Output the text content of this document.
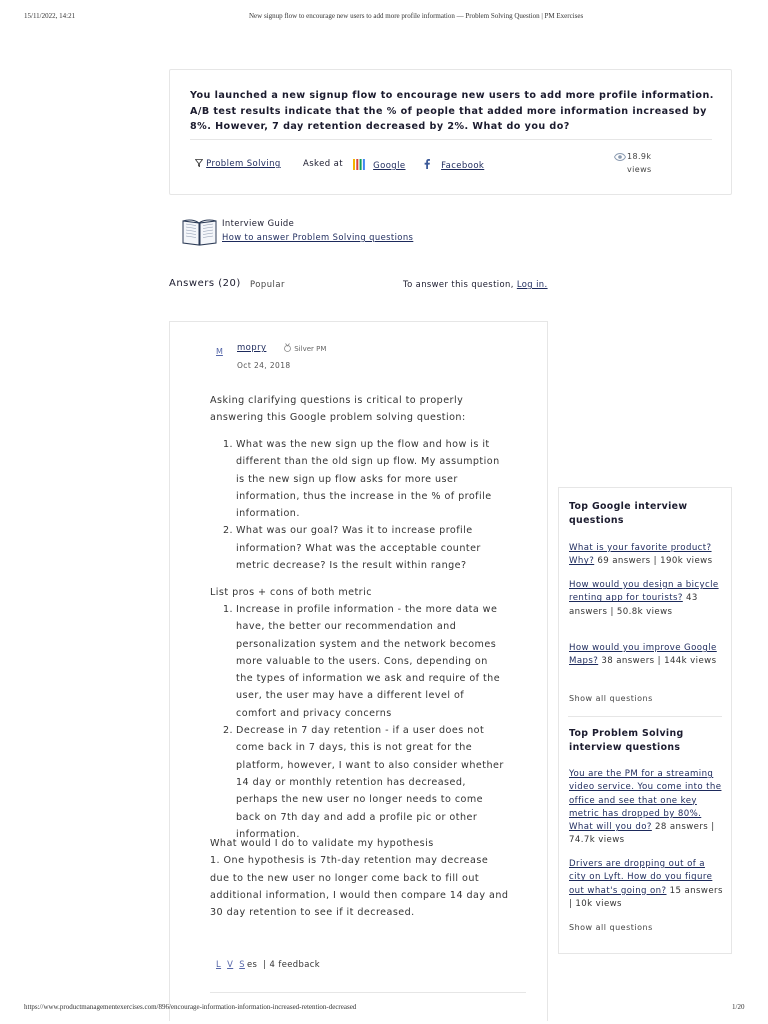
15/11/2022, 14:21	New signup flow to encourage new users to add more profile information — Problem Solving Question | PM Exercises
You launched a new signup flow to encourage new users to add more profile information. A/B test results indicate that the % of people that added more information increased by 8%. However, 7 day retention decreased by 2%. What do you do?
Problem Solving	Asked at	Google	Facebook
18.9k
views
Interview Guide
How to answer Problem Solving questions
Answers (20) Popular	To answer this question, Log in.
M mopry	Silver PM
Oct 24, 2018
Asking clarifying questions is critical to properly answering this Google problem solving question:
1. What was the new sign up the flow and how is it different than the old sign up flow. My assumption is the new sign up flow asks for more user information, thus the increase in the % of profile information.
2. What was our goal? Was it to increase profile information? What was the acceptable counter metric decrease? Is the result within range?
List pros + cons of both metric
1. Increase in profile information - the more data we have, the better our recommendation and personalization system and the network becomes more valuable to the users. Cons, depending on the types of information we ask and require of the user, the user may have a different level of comfort and privacy concerns
2. Decrease in 7 day retention - if a user does not come back in 7 days, this is not great for the platform, however, I want to also consider whether 14 day or monthly retention has decreased, perhaps the new user no longer needs to come back on 7th day and add a profile pic or other information.
What would I do to validate my hypothesis
1. One hypothesis is 7th-day retention may decrease due to the new user no longer come back to fill out additional information, I would then compare 14 day and 30 day retention to see if it decreased.
L V S es | 4 feedback
Top Google interview questions
What is your favorite product? Why? 69 answers | 190k views
How would you design a bicycle renting app for tourists? 43 answers | 50.8k views
How would you improve Google Maps? 38 answers | 144k views
Show all questions
Top Problem Solving interview questions
You are the PM for a streaming video service. You come into the office and see that one key metric has dropped by 80%. What will you do? 28 answers | 74.7k views
Drivers are dropping out of a city on Lyft. How do you figure out what's going on? 15 answers | 10k views
Show all questions
https://www.productmanagementexercises.com/896/encourage-information-information-increased-retention-decreased	1/20
